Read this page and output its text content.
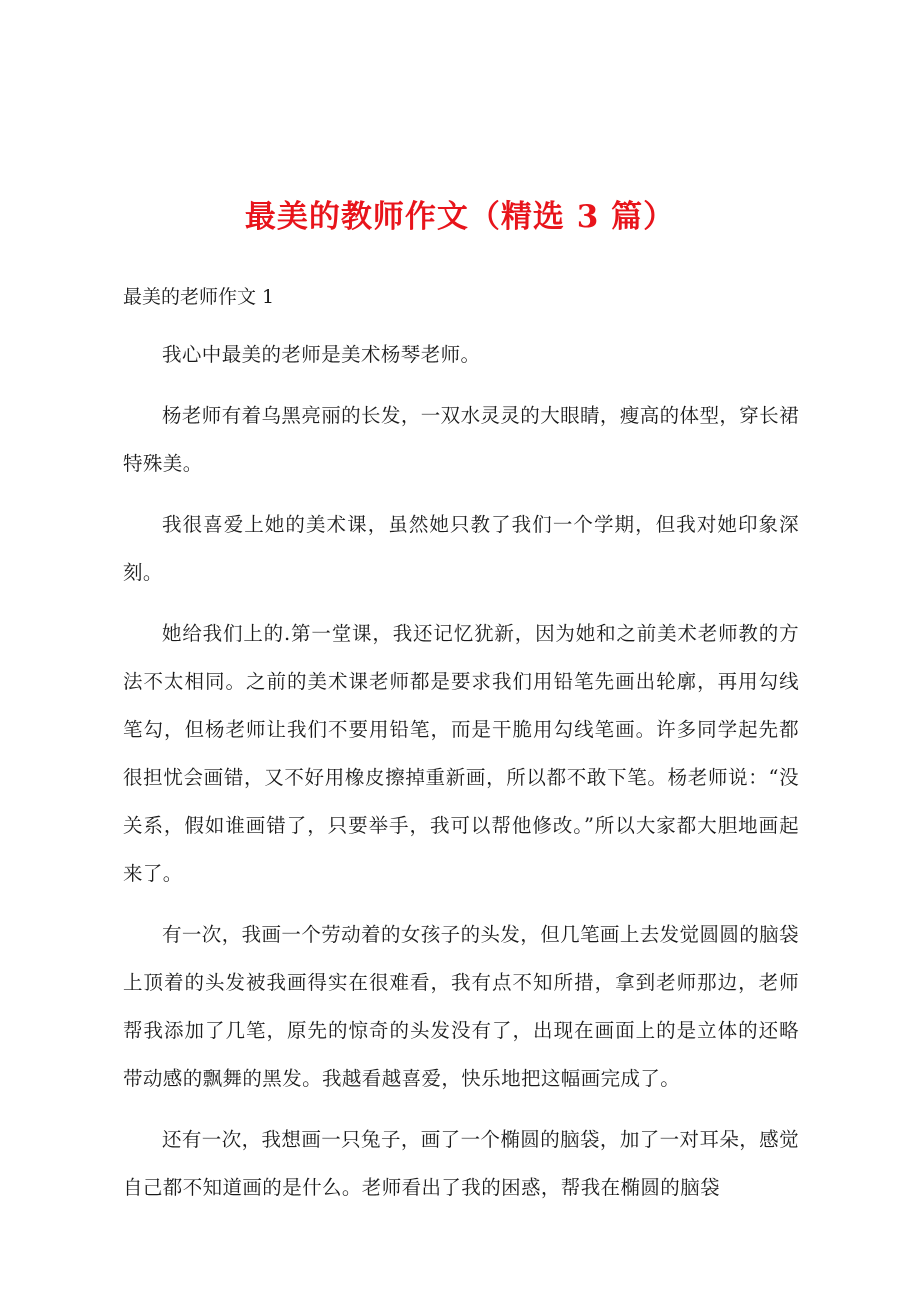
最美的教师作文（精选 3 篇）

最美的老师作文 1

我心中最美的老师是美术杨琴老师。

杨老师有着乌黑亮丽的长发，一双水灵灵的大眼睛，瘦高的体型，穿长裙特殊美。

我很喜爱上她的美术课，虽然她只教了我们一个学期，但我对她印象深刻。

她给我们上的.第一堂课，我还记忆犹新，因为她和之前美术老师教的方法不太相同。之前的美术课老师都是要求我们用铅笔先画出轮廓，再用勾线笔勾，但杨老师让我们不要用铅笔，而是干脆用勾线笔画。许多同学起先都很担忧会画错，又不好用橡皮擦掉重新画，所以都不敢下笔。杨老师说：“没关系，假如谁画错了，只要举手，我可以帮他修改。”所以大家都大胆地画起来了。

有一次，我画一个劳动着的女孩子的头发，但几笔画上去发觉圆圆的脑袋上顶着的头发被我画得实在很难看，我有点不知所措，拿到老师那边，老师帮我添加了几笔，原先的惊奇的头发没有了，出现在画面上的是立体的还略带动感的飘舞的黑发。我越看越喜爱，快乐地把这幅画完成了。

还有一次，我想画一只兔子，画了一个椭圆的脑袋，加了一对耳朵，感觉自己都不知道画的是什么。老师看出了我的困惑，帮我在椭圆的脑袋
